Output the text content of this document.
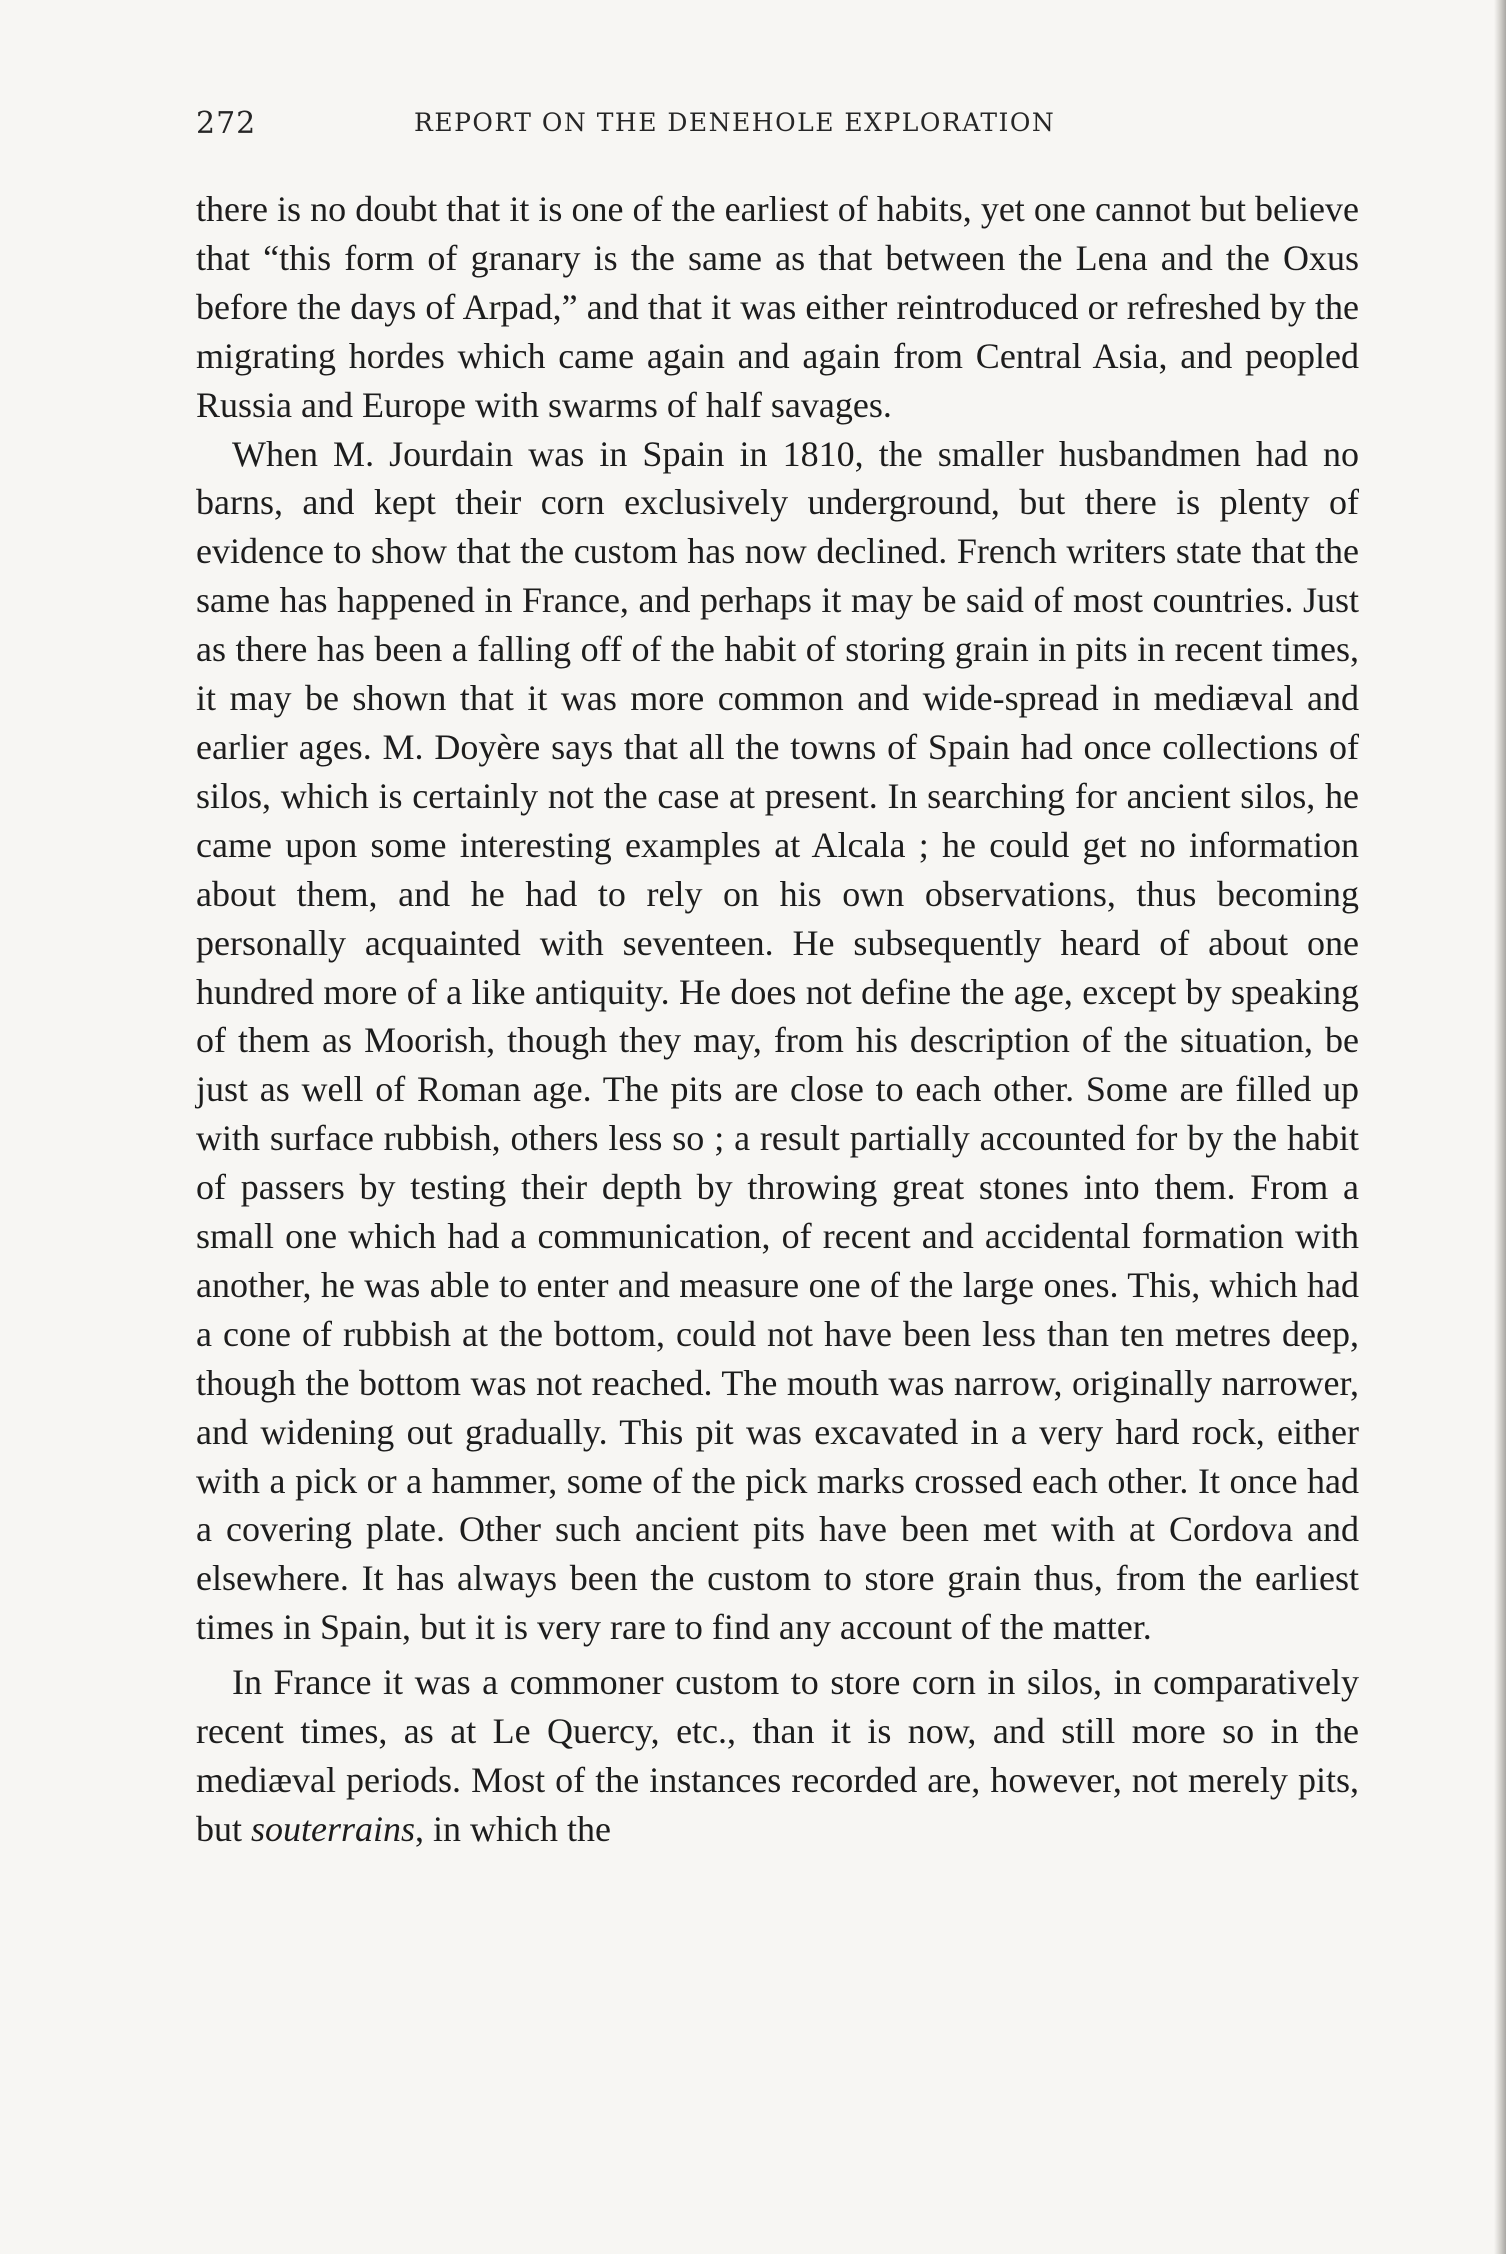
272	REPORT ON THE DENEHOLE EXPLORATION

there is no doubt that it is one of the earliest of habits, yet one cannot but believe that “this form of granary is the same as that between the Lena and the Oxus before the days of Arpad,” and that it was either reintroduced or refreshed by the migrating hordes which came again and again from Central Asia, and peopled Russia and Europe with swarms of half savages.

When M. Jourdain was in Spain in 1810, the smaller husbandmen had no barns, and kept their corn exclusively underground, but there is plenty of evidence to show that the custom has now declined. French writers state that the same has happened in France, and perhaps it may be said of most countries. Just as there has been a falling off of the habit of storing grain in pits in recent times, it may be shown that it was more common and wide-spread in mediæval and earlier ages. M. Doyère says that all the towns of Spain had once collections of silos, which is certainly not the case at present. In searching for ancient silos, he came upon some interesting examples at Alcala ; he could get no information about them, and he had to rely on his own observations, thus becoming personally acquainted with seventeen. He subsequently heard of about one hundred more of a like antiquity. He does not define the age, except by speaking of them as Moorish, though they may, from his description of the situation, be just as well of Roman age. The pits are close to each other. Some are filled up with surface rubbish, others less so ; a result partially accounted for by the habit of passers by testing their depth by throwing great stones into them. From a small one which had a communication, of recent and accidental formation with another, he was able to enter and measure one of the large ones. This, which had a cone of rubbish at the bottom, could not have been less than ten metres deep, though the bottom was not reached. The mouth was narrow, originally narrower, and widening out gradually. This pit was excavated in a very hard rock, either with a pick or a hammer, some of the pick marks crossed each other. It once had a covering plate. Other such ancient pits have been met with at Cordova and elsewhere. It has always been the custom to store grain thus, from the earliest times in Spain, but it is very rare to find any account of the matter.

In France it was a commoner custom to store corn in silos, in comparatively recent times, as at Le Quercy, etc., than it is now, and still more so in the mediæval periods. Most of the instances recorded are, however, not merely pits, but souterrains, in which the
